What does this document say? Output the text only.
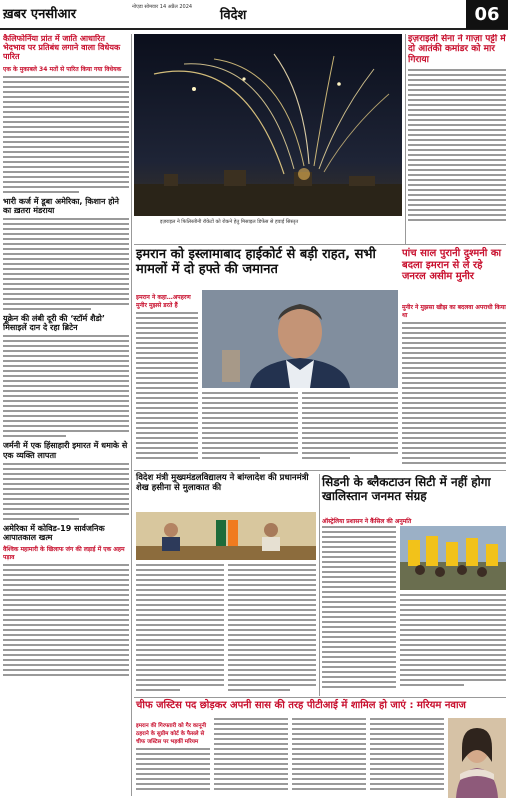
ख़बर एनसीआर	नोएडा सोमवार 14 अप्रैल 2024
विदेश	06
कैलिफोर्निया प्रांत में जाति आधारित भेदभाव पर प्रतिबंध लगाने वाला विधेयक पारित
एक के मुकाबले 34 मतों से पारित किया गया विधेयक
भारी कर्ज में डूबा अमेरिका, कि़शान होने का ख़तरा मंडराया
यूक्रेन की लंबी दूरी की ‘स्टॉर्म शैडो’ मिसाइलें दान दे रहा ब्रिटेन
जर्मनी में एक हिंसाहारी इमारत में धमाके से एक व्यक्ति लापता
अमेरिका में कोविड-19 सार्वजनिक आपातकाल खत्म
वैश्विक महामारी के खिलाफ जंग की लड़ाई में एक अहम पड़ाव
इज़राइल ने फिलिस्तीनी रॉकेटों को रोकने हेतु मिसाइल डिफेंस से हवाई सिस्तृत
इज़राइली सेना ने गाज़ा पट्टी में दो आतंकी कमांडर को मार गिराया
इमरान को इस्लामाबाद हाईकोर्ट से बड़ी राहत, सभी मामलों में दो हफ्ते की जमानत
पांच साल पुरानी दुश्मनी का बदला इमरान से ले रहे जनरल असीम मुनीर
इमरान ने कहा…अपहरण मुनीर मुझसे डरते हैं	मुनीर ने मुझसा खीझ का बदलवा अपराधी किया था
विदेश मंत्री मुख्यमंडलविद्यालय ने बांग्लादेश की प्रधानमंत्री शेख हसीना से मुलाकात की	सिडनी के ब्लैकटाउन सिटी में नहीं होगा खालिस्तान जनमत संग्रह
ऑस्ट्रेलिया प्रशासन ने कैंसिल की अनुमति
चीफ जस्टिस पद छोड़कर अपनी सास की तरह पीटीआई में शामिल हो जाएं : मरियम नवाज
इमरान की गिरफ्तारी को गैर कानूनी ठहराने के सुप्रीम कोर्ट के फैसले से चीफ जस्टिस पर भड़कीं मरियम
